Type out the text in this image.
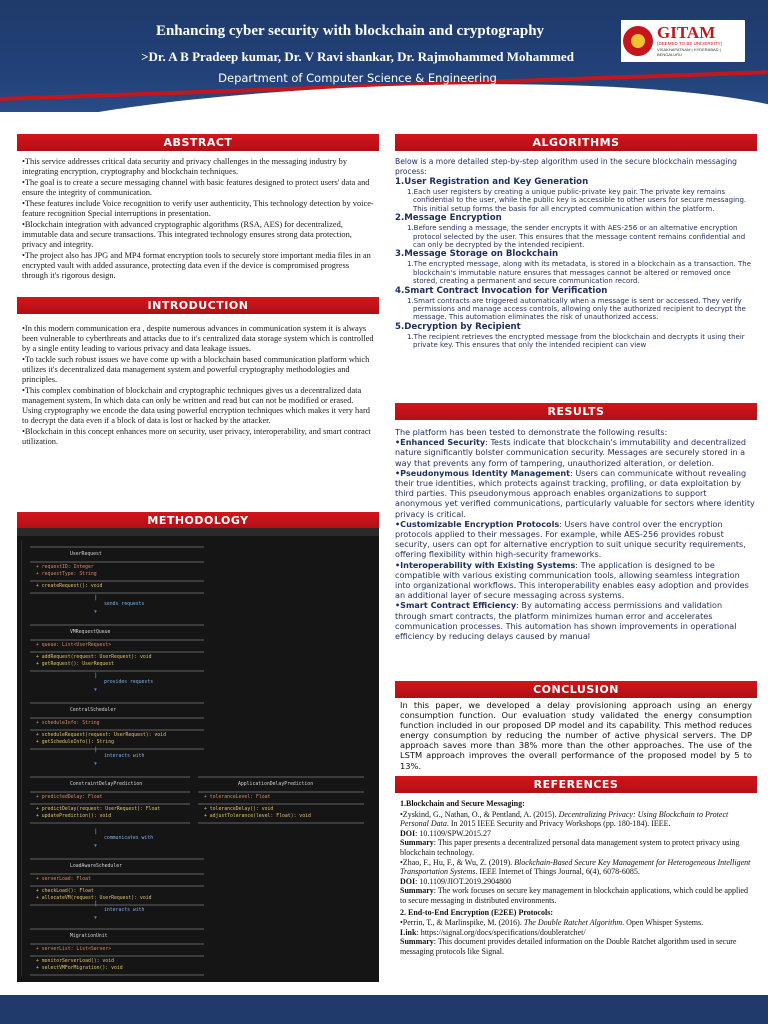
Enhancing cyber security with blockchain and cryptography
>Dr. A B Pradeep kumar, Dr. V Ravi shankar, Dr. Rajmohammed Mohammed
Department of Computer Science & Engineering
GITAM
(DEEMED TO BE UNIVERSITY)
VISAKHAPATNAM | HYDERABAD | BENGALURU
ABSTRACT

•This service addresses critical data security and privacy challenges in the messaging industry by integrating encryption, cryptography and blockchain techniques.

•The goal is to create a secure messaging channel with basic features designed to protect users' data and ensure the integrity of communication.

•These features include Voice recognition to verify user authenticity, This technology detection by voice-feature recognition Special interruptions in presentation.

•Blockchain integration with advanced cryptographic algorithms (RSA, AES) for decentralized, immutable data and secure transactions. This integrated technology ensures strong data protection, privacy and integrity.

•The project also has JPG and MP4 format encryption tools to securely store important media files in an encrypted vault with added assurance, protecting data even if the device is compromised progress through it's rigorous design.

INTRODUCTION

•In this modern communication era , despite numerous advances in communication system it is always been vulnerable to cyberthreats and attacks due to it's centralized data storage system which is controlled by a single entity leading to various privacy and data leakage issues.

•To tackle such robust issues we have come up with a blockchain based communication platform which utilizes it's decentralized data management system and powerful cryptography methodologies and principles.

•This complex combination of blockchain and cryptographic techniques gives us a decentralized data management system, In which data can only be written and read but can not be modified or erased. Using cryptography we encode the data using powerful encryption techniques which makes it very hard to decrypt the data even if a block of data is lost or hacked by the attacker.

•Blockchain in this concept enhances more on security, user privacy, interoperability, and smart contract utilization.

METHODOLOGY
UserRequest
+ requestID: Integer
+ requestType: String
+ createRequest(): void
VMRequestQueue
+ queue: List<UserRequest>
+ addRequest(request: UserRequest): void
+ getRequest(): UserRequest
CentralScheduler
+ scheduleInfo: String
+ scheduleRequest(request: UserRequest): void
+ getScheduleInfo(): String
ConstraintDelayPrediction
+ predictedDelay: Float
+ predictDelay(request: UserRequest): Float
+ updatePrediction(): void
ApplicationDelayPrediction
+ toleranceLevel: Float
+ toleranceDelay(): void
+ adjustTolerance(level: Float): void
LoadAwareScheduler
+ serverLoad: Float
+ checkLoad(): Float
+ allocateVM(request: UserRequest): void
MigrationUnit
+ serverList: List<Server>
+ monitorServerLoad(): void
+ selectVMForMigration(): void
║
sends requests
▼
║
provides requests
▼
║
interacts with
▼
║
communicates with
▼
║
interacts with
▼
ALGORITHMS
Below is a more detailed step-by-step algorithm used in the secure blockchain messaging process:
1.User Registration and Key Generation
1.Each user registers by creating a unique public-private key pair. The private key remains confidential to the user, while the public key is accessible to other users for secure messaging. This initial setup forms the basis for all encrypted communication within the platform.
2.Message Encryption
1.Before sending a message, the sender encrypts it with AES-256 or an alternative encryption protocol selected by the user. This ensures that the message content remains confidential and can only be decrypted by the intended recipient.
3.Message Storage on Blockchain
1.The encrypted message, along with its metadata, is stored in a blockchain as a transaction. The blockchain's immutable nature ensures that messages cannot be altered or removed once stored, creating a permanent and secure communication record.
4.Smart Contract Invocation for Verification
1.Smart contracts are triggered automatically when a message is sent or accessed. They verify permissions and manage access controls, allowing only the authorized recipient to decrypt the message. This automation eliminates the risk of unauthorized access.
5.Decryption by Recipient
1.The recipient retrieves the encrypted message from the blockchain and decrypts it using their private key. This ensures that only the intended recipient can view
RESULTS
The platform has been tested to demonstrate the following results:
•Enhanced Security: Tests indicate that blockchain's immutability and decentralized nature significantly bolster communication security. Messages are securely stored in a way that prevents any form of tampering, unauthorized alteration, or deletion.
•Pseudonymous Identity Management: Users can communicate without revealing their true identities, which protects against tracking, profiling, or data exploitation by third parties. This pseudonymous approach enables organizations to support anonymous yet verified communications, particularly valuable for sectors where identity privacy is critical.
•Customizable Encryption Protocols: Users have control over the encryption protocols applied to their messages. For example, while AES-256 provides robust security, users can opt for alternative encryption to suit unique security requirements, offering flexibility within high-security frameworks.
•Interoperability with Existing Systems: The application is designed to be compatible with various existing communication tools, allowing seamless integration into organizational workflows. This interoperability enables easy adoption and provides an additional layer of secure messaging across systems.
•Smart Contract Efficiency: By automating access permissions and validation through smart contracts, the platform minimizes human error and accelerates communication processes. This automation has shown improvements in operational efficiency by reducing delays caused by manual
CONCLUSION
In this paper, we developed a delay provisioning approach using an energy consumption function. Our evaluation study validated the energy consumption function included in our proposed DP model and its capability. This method reduces energy consumption by reducing the number of active physical servers. The DP approach saves more than 38% more than the other approaches. The use of the LSTM approach improves the overall performance of the proposed model by 5 to 13%.
REFERENCES
1.Blockchain and Secure Messaging:
•Zyskind, G., Nathan, O., & Pentland, A. (2015). Decentralizing Privacy: Using Blockchain to Protect Personal Data. In 2015 IEEE Security and Privacy Workshops (pp. 180-184). IEEE.
DOI: 10.1109/SPW.2015.27
Summary: This paper presents a decentralized personal data management system to protect privacy using blockchain technology.
•Zhao, F., Hu, F., & Wu, Z. (2019). Blockchain-Based Secure Key Management for Heterogeneous Intelligent Transportation Systems. IEEE Internet of Things Journal, 6(4), 6078-6085.
DOI: 10.1109/JIOT.2019.2904800
Summary: The work focuses on secure key management in blockchain applications, which could be applied to secure messaging in distributed environments.
2. End-to-End Encryption (E2EE) Protocols:
•Perrin, T., & Marlinspike, M. (2016). The Double Ratchet Algorithm. Open Whisper Systems.
Link: https://signal.org/docs/specifications/doubleratchet/
Summary: This document provides detailed information on the Double Ratchet algorithm used in secure messaging protocols like Signal.
